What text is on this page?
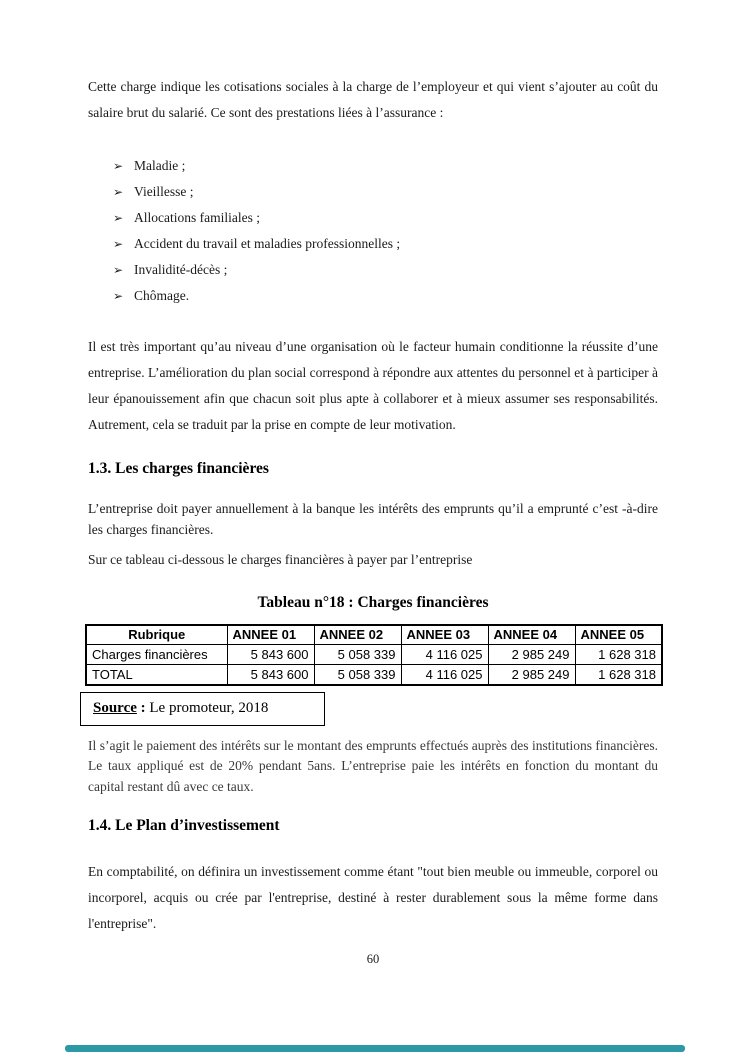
Cette charge indique les cotisations sociales à la charge de l’employeur et qui vient s’ajouter au coût du salaire brut du salarié. Ce sont des prestations liées à l’assurance :

➢ Maladie ;
➢ Vieillesse ;
➢ Allocations familiales ;
➢ Accident du travail et maladies professionnelles ;
➢ Invalidité-décès ;
➢ Chômage.

Il est très important qu’au niveau d’une organisation où le facteur humain conditionne la réussite d’une entreprise. L’amélioration du plan social correspond à répondre aux attentes du personnel et à participer à leur épanouissement afin que chacun soit plus apte à collaborer et à mieux assumer ses responsabilités. Autrement, cela se traduit par la prise en compte de leur motivation.

1.3. Les charges financières

L’entreprise doit payer annuellement à la banque les intérêts des emprunts qu’il a emprunté c’est -à-dire les charges financières.

Sur ce tableau ci-dessous le charges financières à payer par l’entreprise

Tableau n°18 : Charges financières
Rubrique	ANNEE 01	ANNEE 02	ANNEE 03	ANNEE 04	ANNEE 05
Charges financières	5 843 600	5 058 339	4 116 025	2 985 249	1 628 318
TOTAL	5 843 600	5 058 339	4 116 025	2 985 249	1 628 318
Source : Le promoteur, 2018

Il s’agit le paiement des intérêts sur le montant des emprunts effectués auprès des institutions financières. Le taux appliqué est de 20% pendant 5ans. L’entreprise paie les intérêts en fonction du montant du capital restant dû avec ce taux.

1.4. Le Plan d’investissement

En comptabilité, on définira un investissement comme étant "tout bien meuble ou immeuble, corporel ou incorporel, acquis ou crée par l'entreprise, destiné à rester durablement sous la même forme dans l'entreprise".

60
